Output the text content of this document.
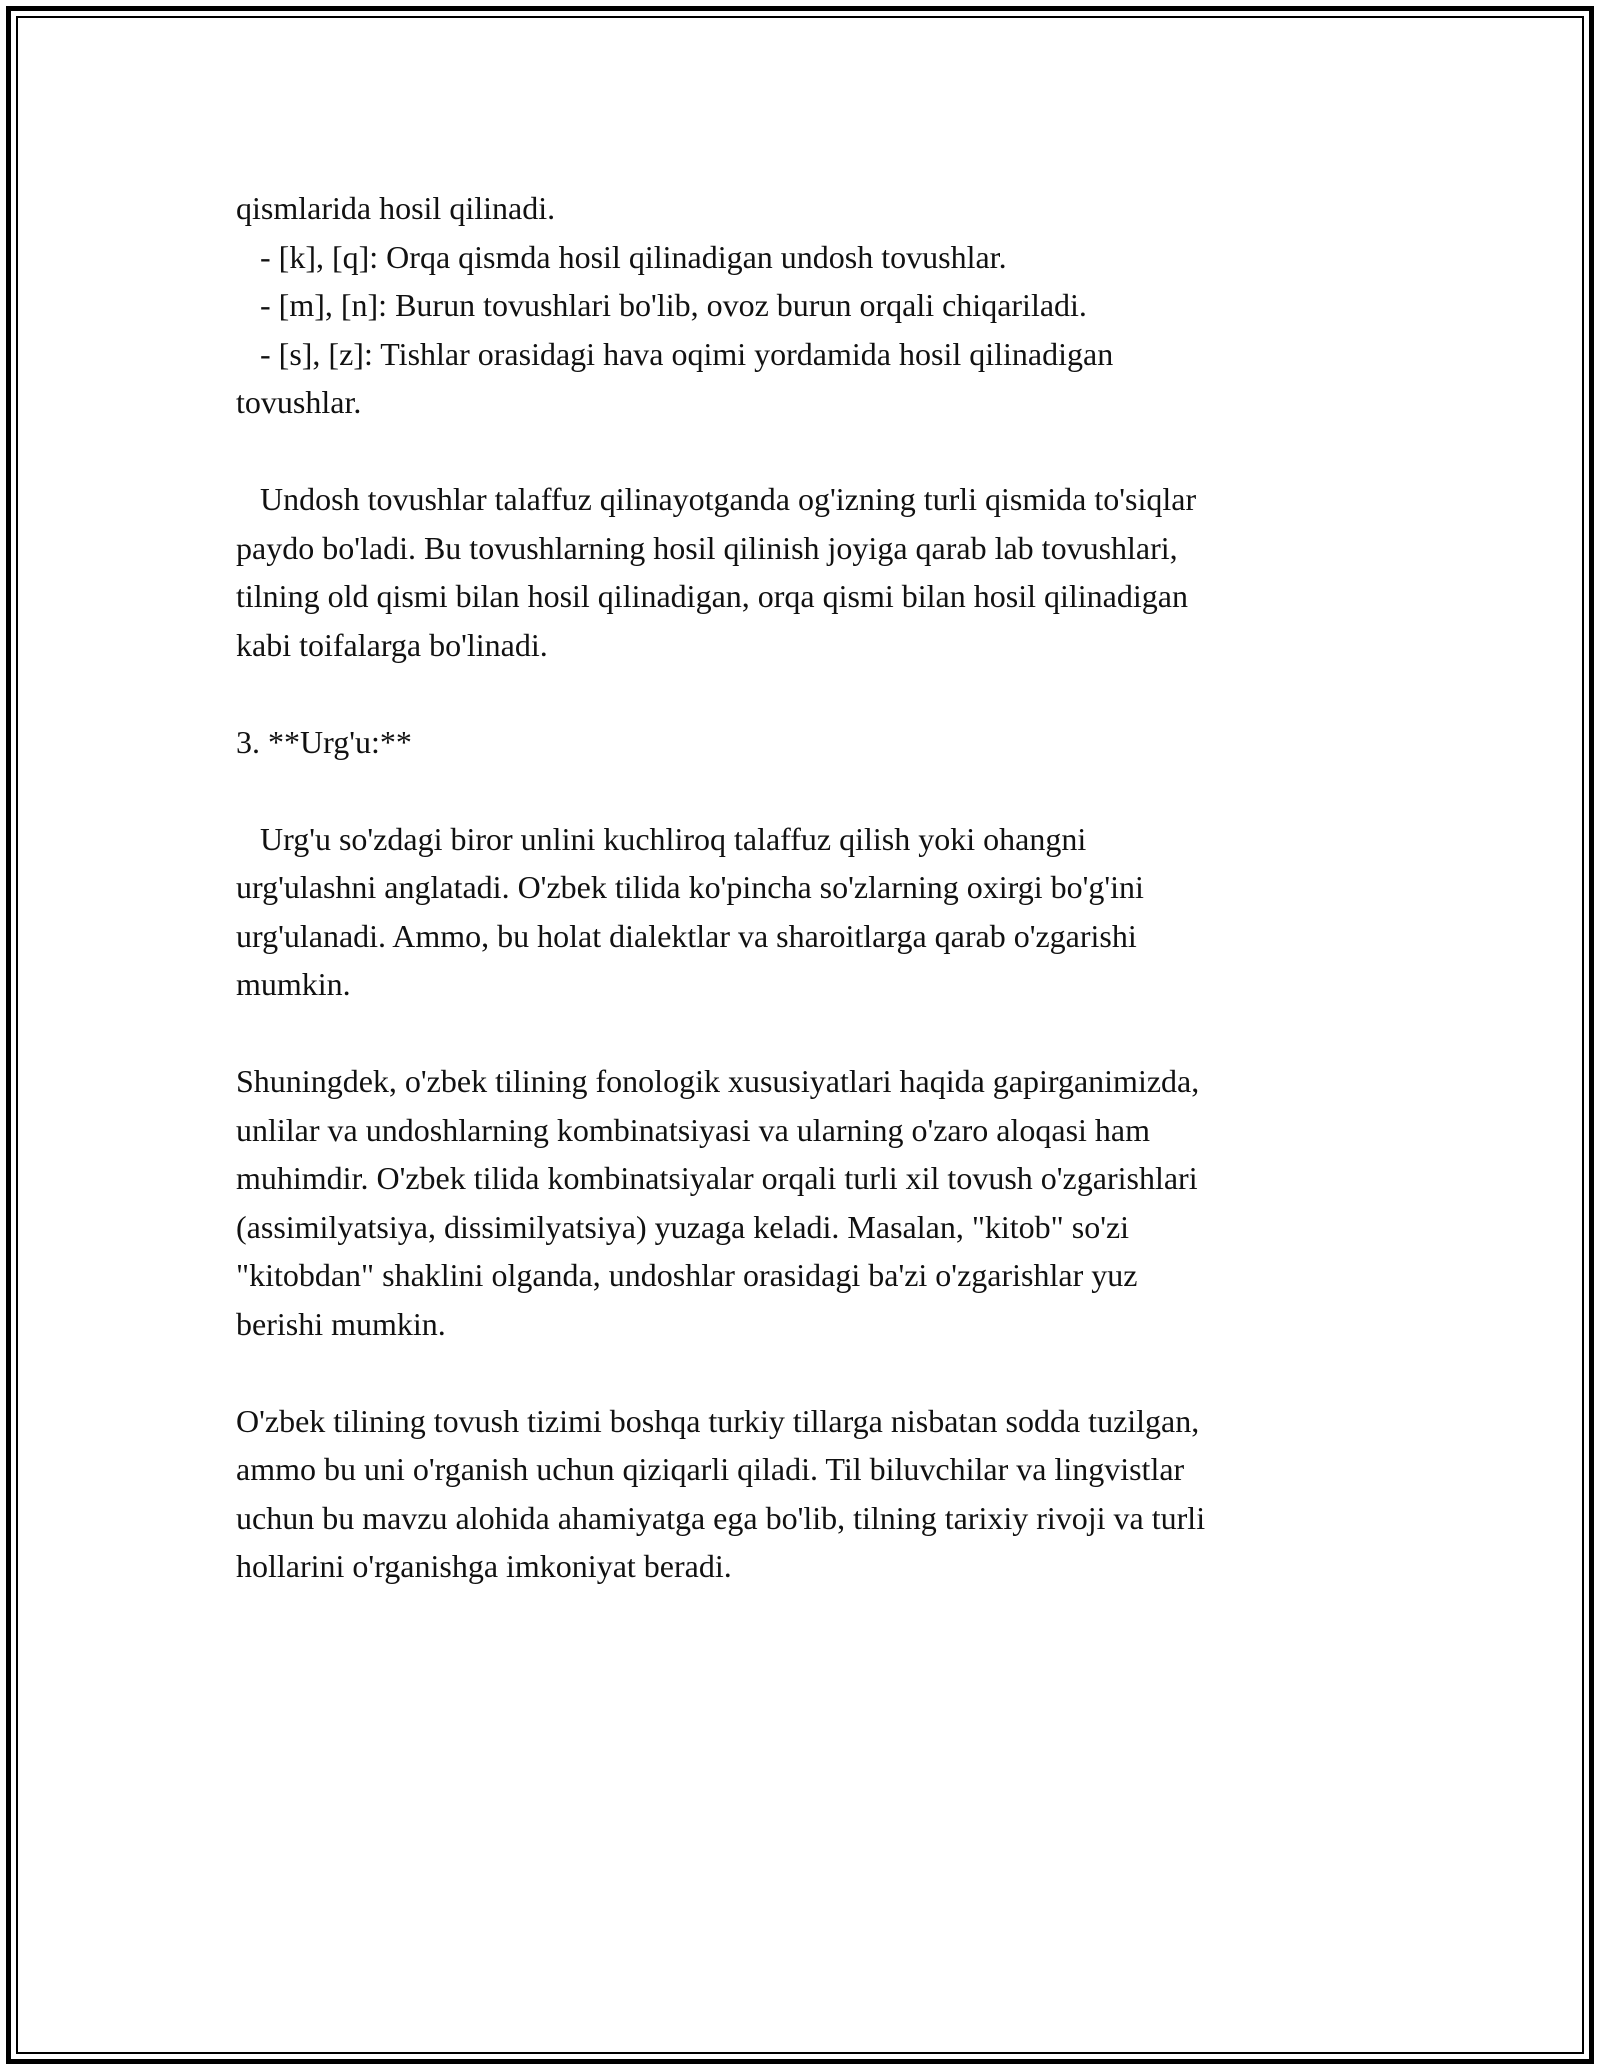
qismlarida hosil qilinadi.
- [k], [q]: Orqa qismda hosil qilinadigan undosh tovushlar.
- [m], [n]: Burun tovushlari bo'lib, ovoz burun orqali chiqariladi.
- [s], [z]: Tishlar orasidagi hava oqimi yordamida hosil qilinadigan
tovushlar.
Undosh tovushlar talaffuz qilinayotganda og'izning turli qismida to'siqlar
paydo bo'ladi. Bu tovushlarning hosil qilinish joyiga qarab lab tovushlari,
tilning old qismi bilan hosil qilinadigan, orqa qismi bilan hosil qilinadigan
kabi toifalarga bo'linadi.
3. **Urg'u:**
Urg'u so'zdagi biror unlini kuchliroq talaffuz qilish yoki ohangni
urg'ulashni anglatadi. O'zbek tilida ko'pincha so'zlarning oxirgi bo'g'ini
urg'ulanadi. Ammo, bu holat dialektlar va sharoitlarga qarab o'zgarishi
mumkin.
Shuningdek, o'zbek tilining fonologik xususiyatlari haqida gapirganimizda,
unlilar va undoshlarning kombinatsiyasi va ularning o'zaro aloqasi ham
muhimdir. O'zbek tilida kombinatsiyalar orqali turli xil tovush o'zgarishlari
(assimilyatsiya, dissimilyatsiya) yuzaga keladi. Masalan, "kitob" so'zi
"kitobdan" shaklini olganda, undoshlar orasidagi ba'zi o'zgarishlar yuz
berishi mumkin.
O'zbek tilining tovush tizimi boshqa turkiy tillarga nisbatan sodda tuzilgan,
ammo bu uni o'rganish uchun qiziqarli qiladi. Til biluvchilar va lingvistlar
uchun bu mavzu alohida ahamiyatga ega bo'lib, tilning tarixiy rivoji va turli
hollarini o'rganishga imkoniyat beradi.
